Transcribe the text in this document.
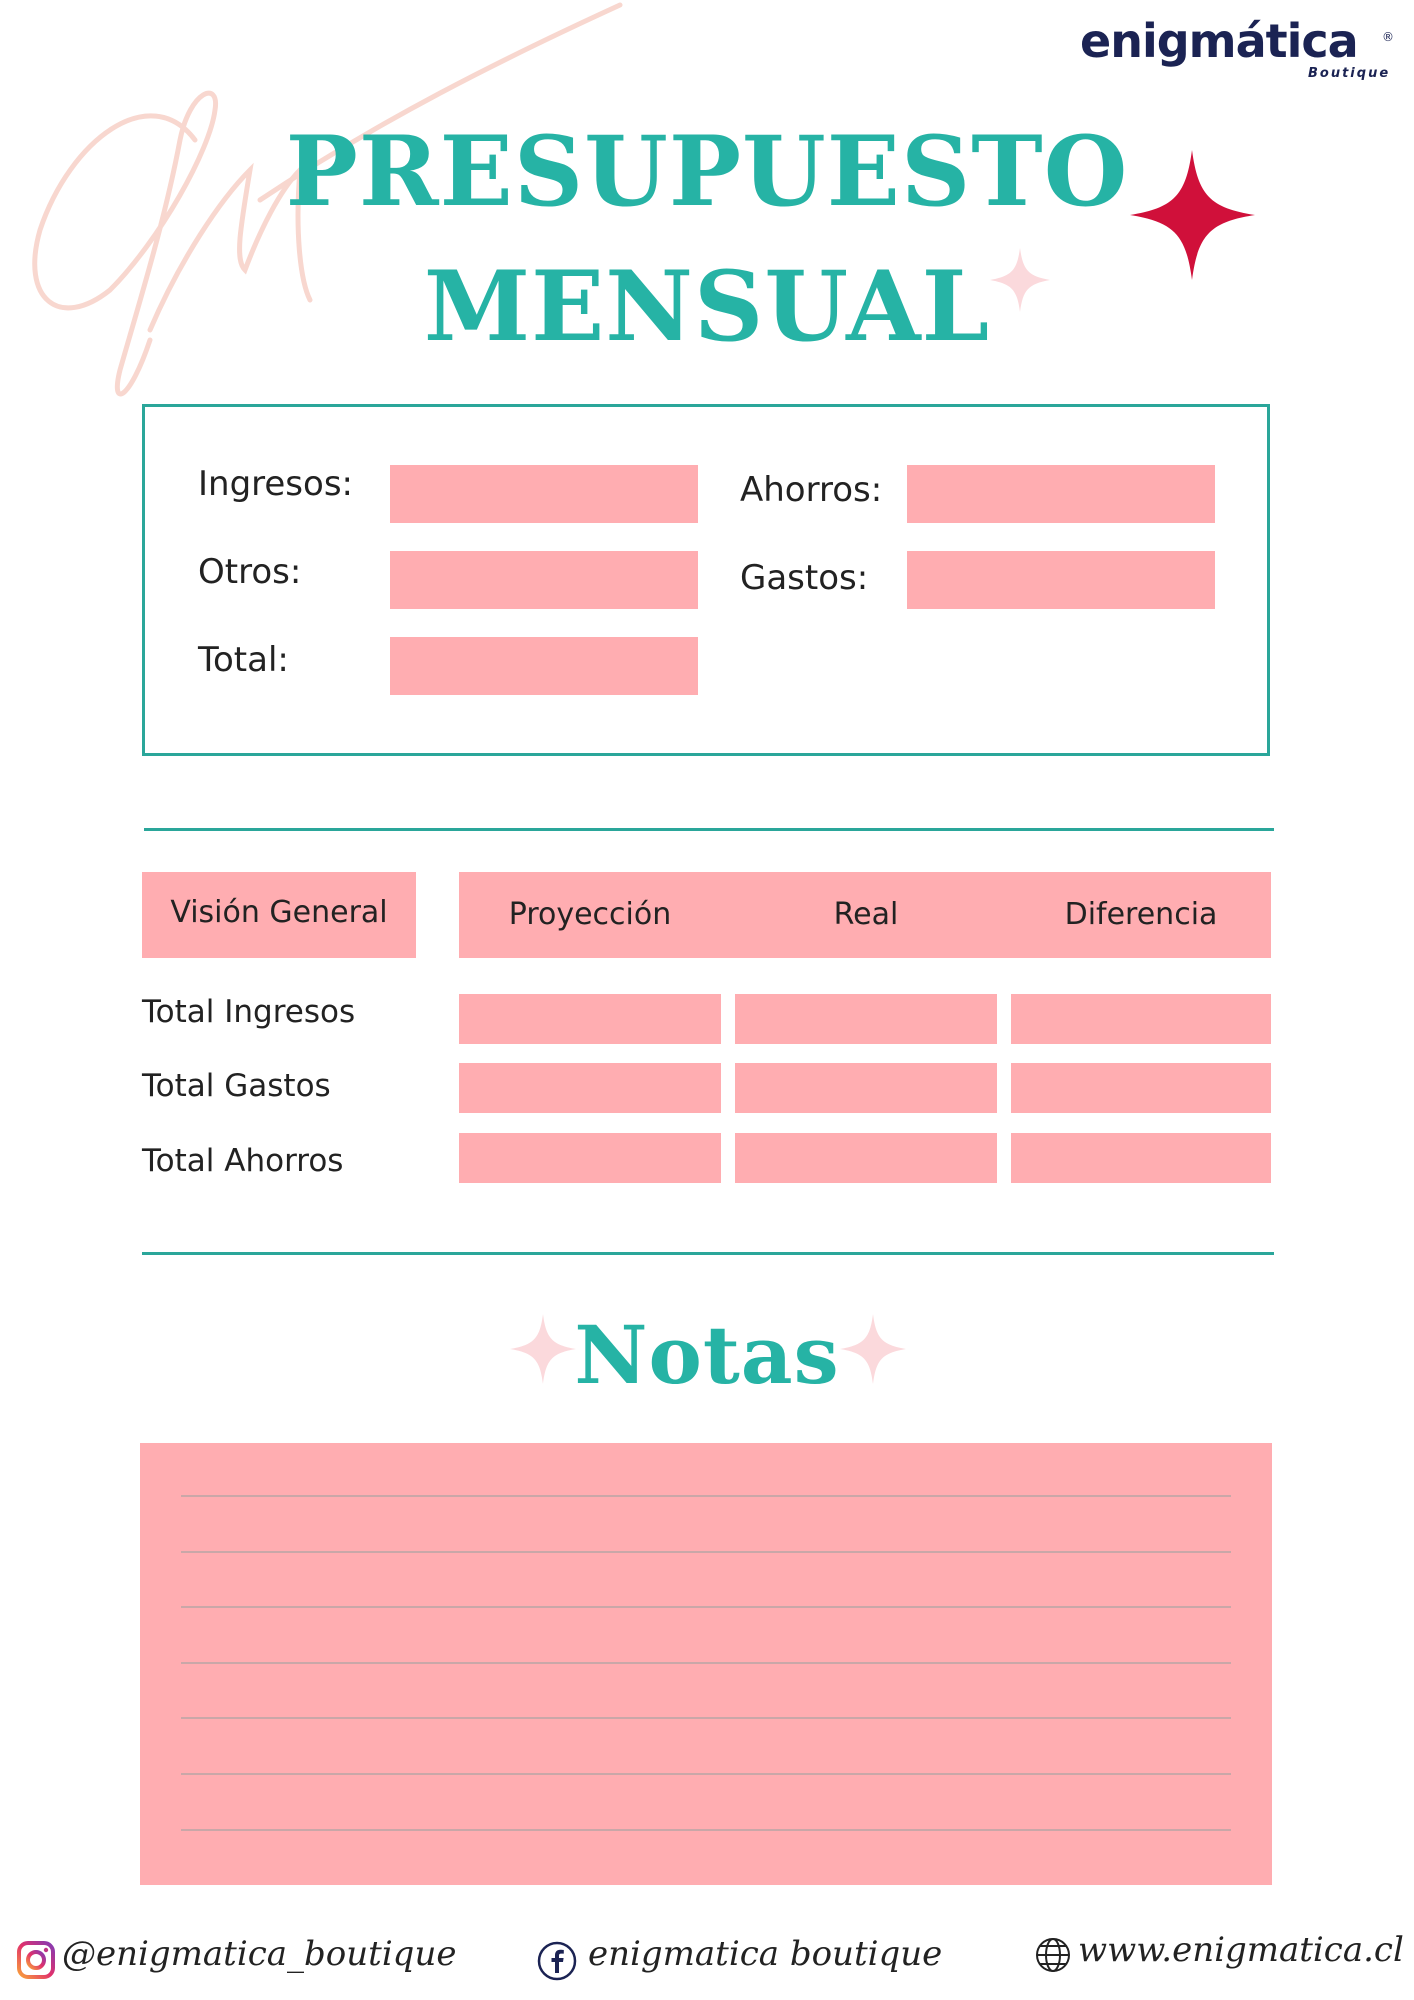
enigmática ®
Boutique
PRESUPUESTO
MENSUAL
Ingresos:
Otros:
Total:
Ahorros:
Gastos:
Visión General	Proyección	Real	Diferencia
Total Ingresos
Total Gastos
Total Ahorros
Notas
@enigmatica_boutique	enigmatica boutique	www.enigmatica.cl
